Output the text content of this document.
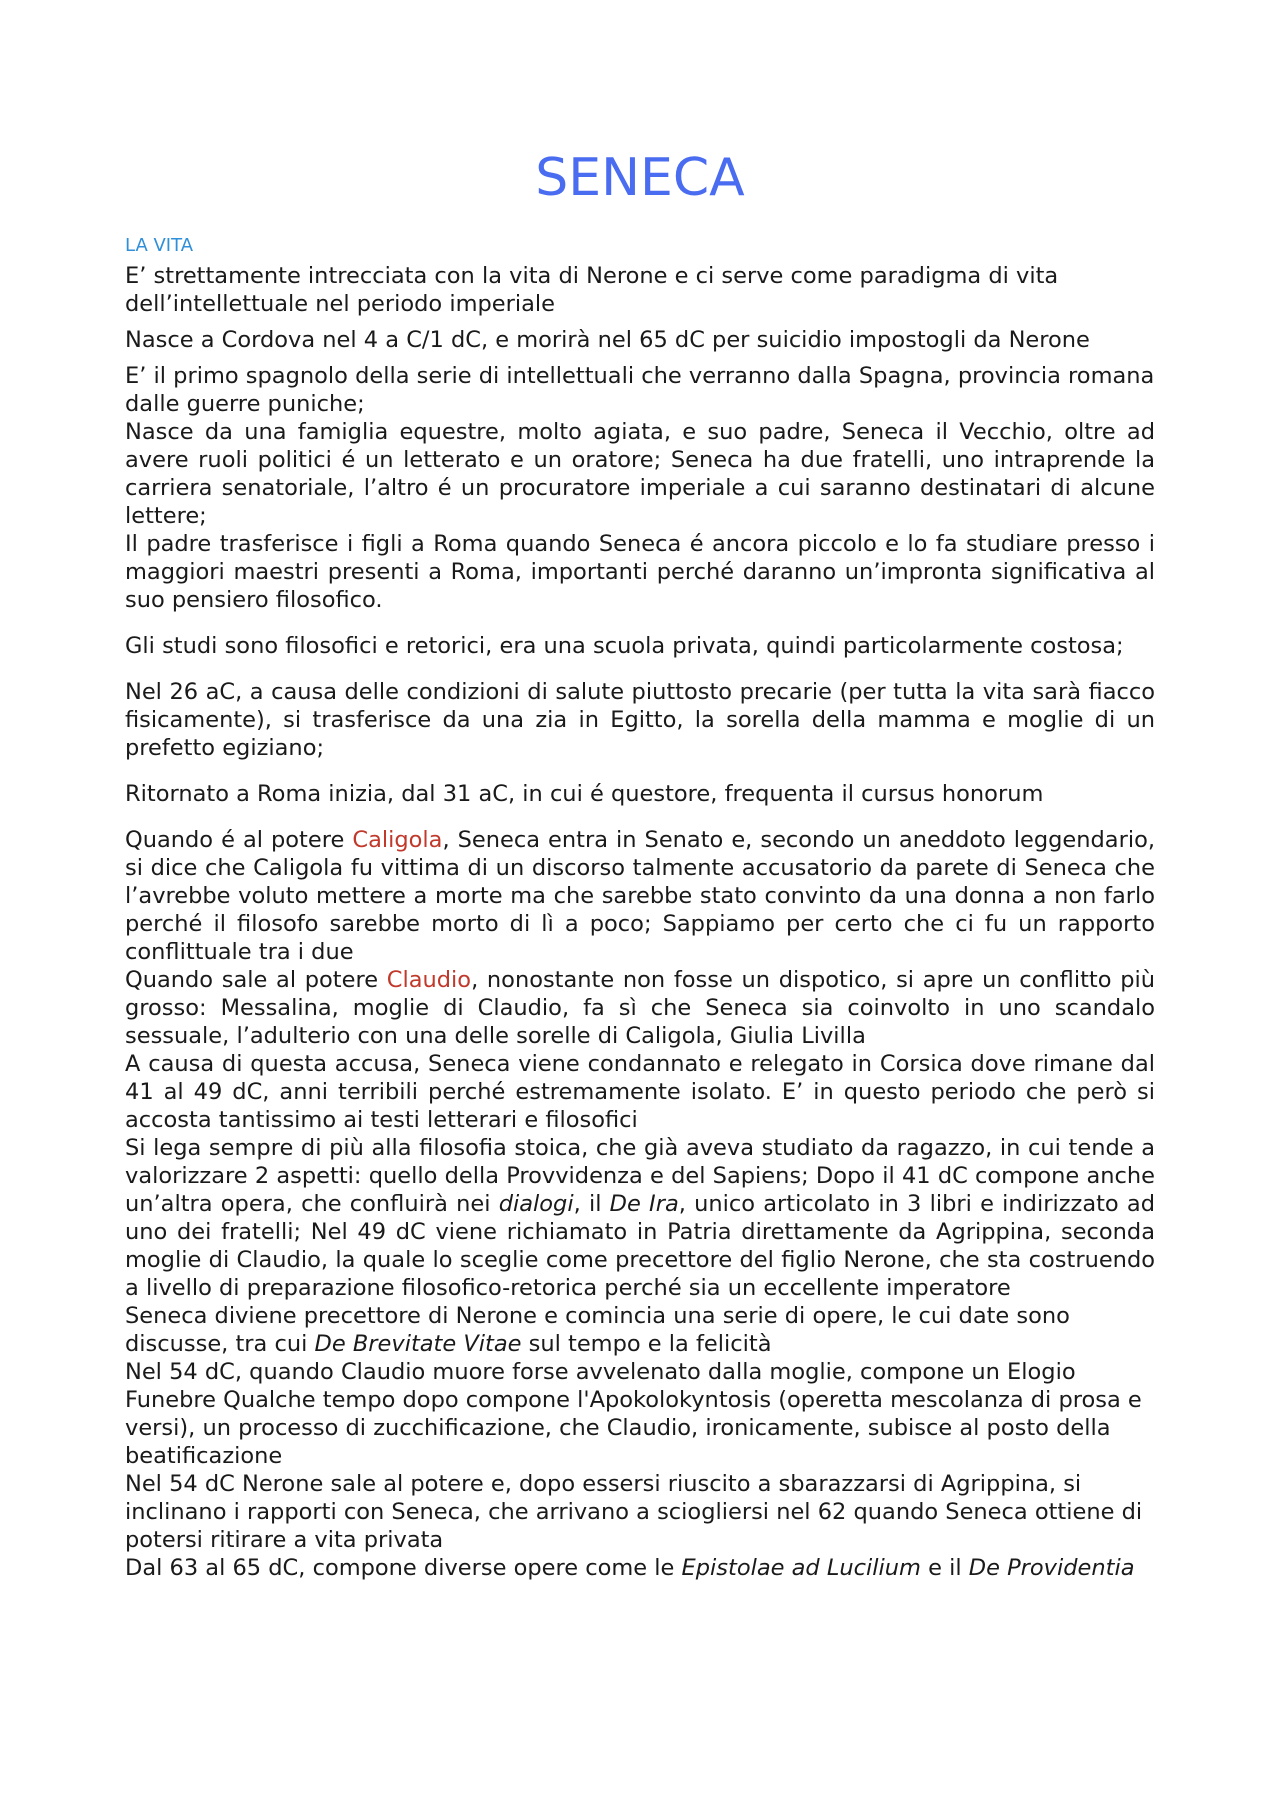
SENECA
LA VITA

E’ strettamente intrecciata con la vita di Nerone e ci serve come paradigma di vita dell’intellettuale nel periodo imperiale

Nasce a Cordova nel 4 a C/1 dC, e morirà nel 65 dC per suicidio impostogli da Nerone

E’ il primo spagnolo della serie di intellettuali che verranno dalla Spagna, provincia romana dalle guerre puniche;

Nasce da una famiglia equestre, molto agiata, e suo padre, Seneca il Vecchio, oltre ad avere ruoli politici é un letterato e un oratore; Seneca ha due fratelli, uno intraprende la carriera senatoriale, l’altro é un procuratore imperiale a cui saranno destinatari di alcune lettere;

Il padre trasferisce i figli a Roma quando Seneca é ancora piccolo e lo fa studiare presso i maggiori maestri presenti a Roma, importanti perché daranno un’impronta significativa al suo pensiero filosofico.

Gli studi sono filosofici e retorici, era una scuola privata, quindi particolarmente costosa;

Nel 26 aC, a causa delle condizioni di salute piuttosto precarie (per tutta la vita sarà fiacco fisicamente), si trasferisce da una zia in Egitto, la sorella della mamma e moglie di un prefetto egiziano;

Ritornato a Roma inizia, dal 31 aC, in cui é questore, frequenta il cursus honorum

Quando é al potere Caligola, Seneca entra in Senato e, secondo un aneddoto leggendario, si dice che Caligola fu vittima di un discorso talmente accusatorio da parete di Seneca che l’avrebbe voluto mettere a morte ma che sarebbe stato convinto da una donna a non farlo perché il filosofo sarebbe morto di lì a poco; Sappiamo per certo che ci fu un rapporto conflittuale tra i due

Quando sale al potere Claudio, nonostante non fosse un dispotico, si apre un conflitto più grosso: Messalina, moglie di Claudio, fa sì che Seneca sia coinvolto in uno scandalo sessuale, l’adulterio con una delle sorelle di Caligola, Giulia Livilla

A causa di questa accusa, Seneca viene condannato e relegato in Corsica dove rimane dal 41 al 49 dC, anni terribili perché estremamente isolato. E’ in questo periodo che però si accosta tantissimo ai testi letterari e filosofici

Si lega sempre di più alla filosofia stoica, che già aveva studiato da ragazzo, in cui tende a valorizzare 2 aspetti: quello della Provvidenza e del Sapiens; Dopo il 41 dC compone anche un’altra opera, che confluirà nei dialogi, il De Ira, unico articolato in 3 libri e indirizzato ad uno dei fratelli; Nel 49 dC viene richiamato in Patria direttamente da Agrippina, seconda moglie di Claudio, la quale lo sceglie come precettore del figlio Nerone, che sta costruendo a livello di preparazione filosofico-retorica perché sia un eccellente imperatore

Seneca diviene precettore di Nerone e comincia una serie di opere, le cui date sono discusse, tra cui De Brevitate Vitae sul tempo e la felicità

Nel 54 dC, quando Claudio muore forse avvelenato dalla moglie, compone un Elogio Funebre Qualche tempo dopo compone l'Apokolokyntosis (operetta mescolanza di prosa e versi), un processo di zucchificazione, che Claudio, ironicamente, subisce al posto della beatificazione

Nel 54 dC Nerone sale al potere e, dopo essersi riuscito a sbarazzarsi di Agrippina, si inclinano i rapporti con Seneca, che arrivano a sciogliersi nel 62 quando Seneca ottiene di potersi ritirare a vita privata

Dal 63 al 65 dC, compone diverse opere come le Epistolae ad Lucilium e il De Providentia
